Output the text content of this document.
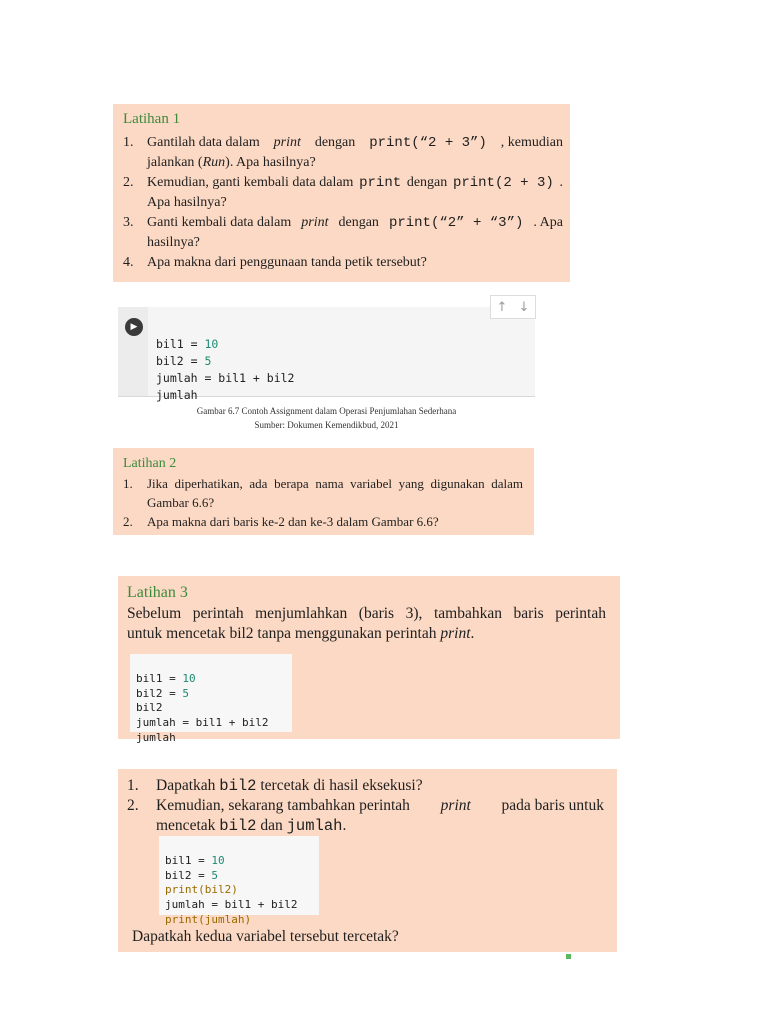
Latihan 1
1. Gantilah data dalam print dengan print(“2 + 3”) , kemudian
jalankan (Run). Apa hasilnya?
2. Kemudian, ganti kembali data dalam print dengan print(2 + 3) .
Apa hasilnya?
3. Ganti kembali data dalam print dengan print(“2” + “3”) . Apa
hasilnya?
4. Apa makna dari penggunaan tanda petik tersebut?
▶

bil1 = 10
bil2 = 5
jumlah = bil1 + bil2
jumlah
↑ ↓
Gambar 6.7 Contoh Assignment dalam Operasi Penjumlahan Sederhana
Sumber: Dokumen Kemendikbud, 2021
Latihan 2
1. Jika diperhatikan, ada berapa nama variabel yang digunakan dalam
Gambar 6.6?
2. Apa makna dari baris ke-2 dan ke-3 dalam Gambar 6.6?
Latihan 3
Sebelum perintah menjumlahkan (baris 3), tambahkan baris perintah
untuk mencetak bil2 tanpa menggunakan perintah print.

bil1 = 10
bil2 = 5
bil2
jumlah = bil1 + bil2
jumlah
1. Dapatkah bil2 tercetak di hasil eksekusi?
2. Kemudian, sekarang tambahkan perintah print pada baris untuk
mencetak bil2 dan jumlah.

bil1 = 10
bil2 = 5
print(bil2)
jumlah = bil1 + bil2
print(jumlah)
Dapatkah kedua variabel tersebut tercetak?
